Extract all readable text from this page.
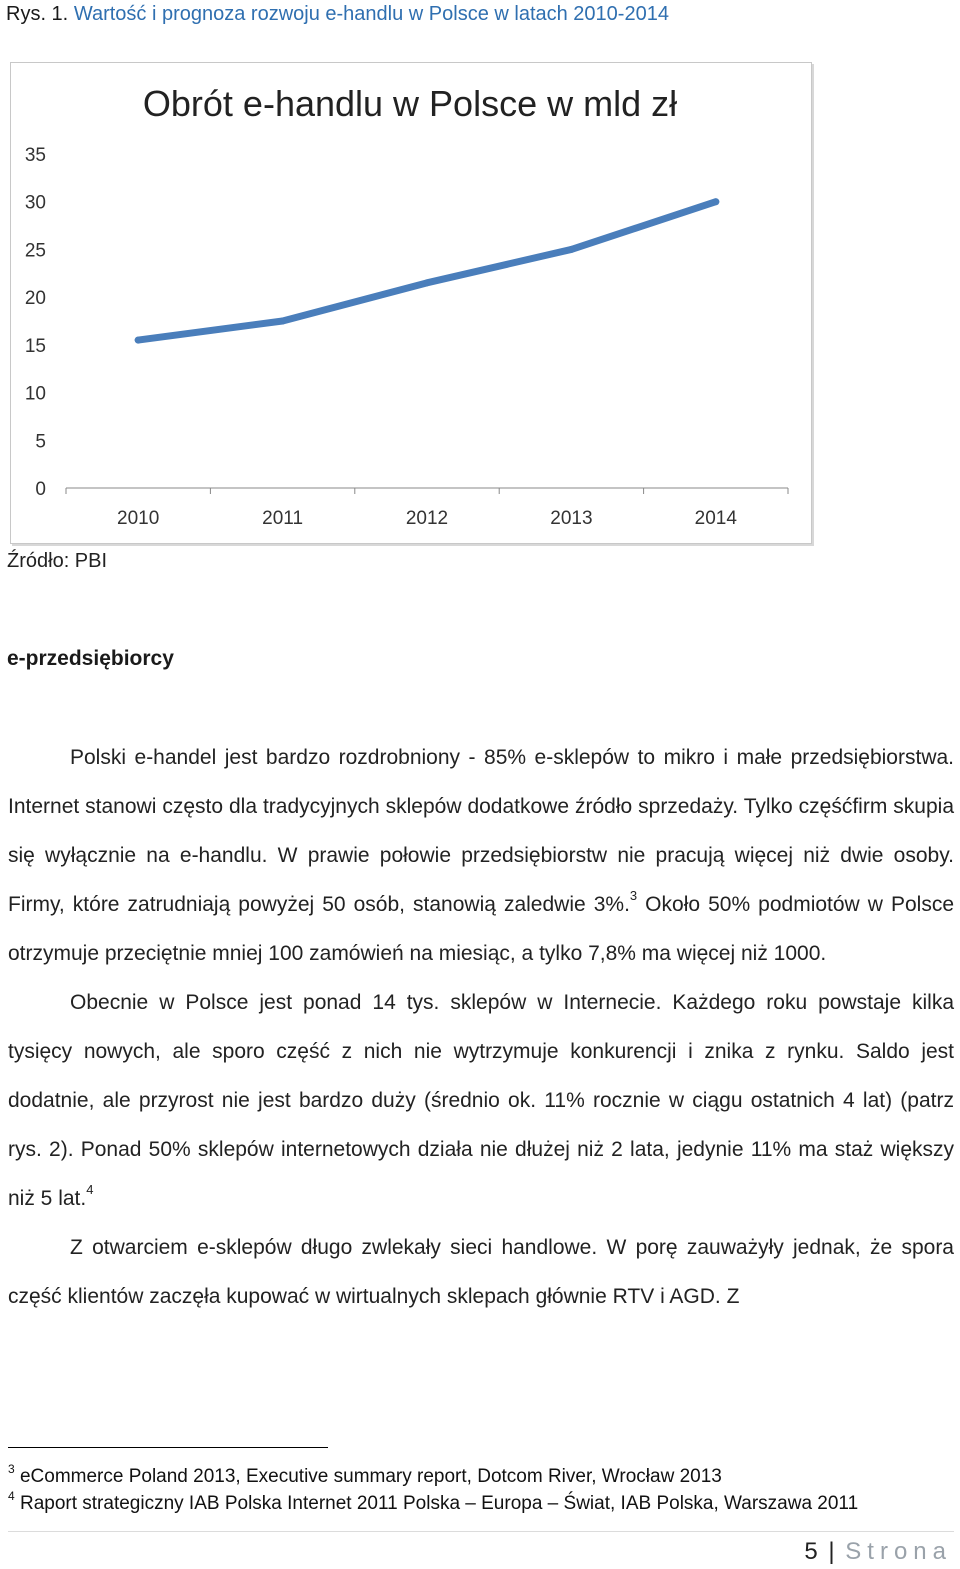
Rys. 1. Wartość i prognoza rozwoju e-handlu w Polsce w latach 2010-2014
Obrót e-handlu w Polsce w mld zł
0
5
10
15
20
25
30
35
2010	2011	2012	2013	2014
Źródło: PBI
e-przedsiębiorcy

Polski e-handel jest bardzo rozdrobniony - 85% e-sklepów to mikro i małe przedsiębiorstwa. Internet stanowi często dla tradycyjnych sklepów dodatkowe źródło sprzedaży. Tylko częśćfirm skupia się wyłącznie na e-handlu. W prawie połowie przedsiębiorstw nie pracują więcej niż dwie osoby. Firmy, które zatrudniają powyżej 50 osób, stanowią zaledwie 3%.$^3$ Około 50% podmiotów w Polsce otrzymuje przeciętnie mniej 100 zamówień na miesiąc, a tylko 7,8% ma więcej niż 1000.

Obecnie w Polsce jest ponad 14 tys. sklepów w Internecie. Każdego roku powstaje kilka tysięcy nowych, ale sporo część z nich nie wytrzymuje konkurencji i znika z rynku. Saldo jest dodatnie, ale przyrost nie jest bardzo duży (średnio ok. 11% rocznie w ciągu ostatnich 4 lat) (patrz rys. 2). Ponad 50% sklepów internetowych działa nie dłużej niż 2 lata, jedynie 11% ma staż większy niż 5 lat.$^4$

Z otwarciem e-sklepów długo zwlekały sieci handlowe. W porę zauważyły jednak, że spora część klientów zaczęła kupować w wirtualnych sklepach głównie RTV i AGD. Z

$^3$ eCommerce Poland 2013, Executive summary report, Dotcom River, Wrocław 2013
$^4$ Raport strategiczny IAB Polska Internet 2011 Polska – Europa – Świat, IAB Polska, Warszawa 2011
5 | Strona
